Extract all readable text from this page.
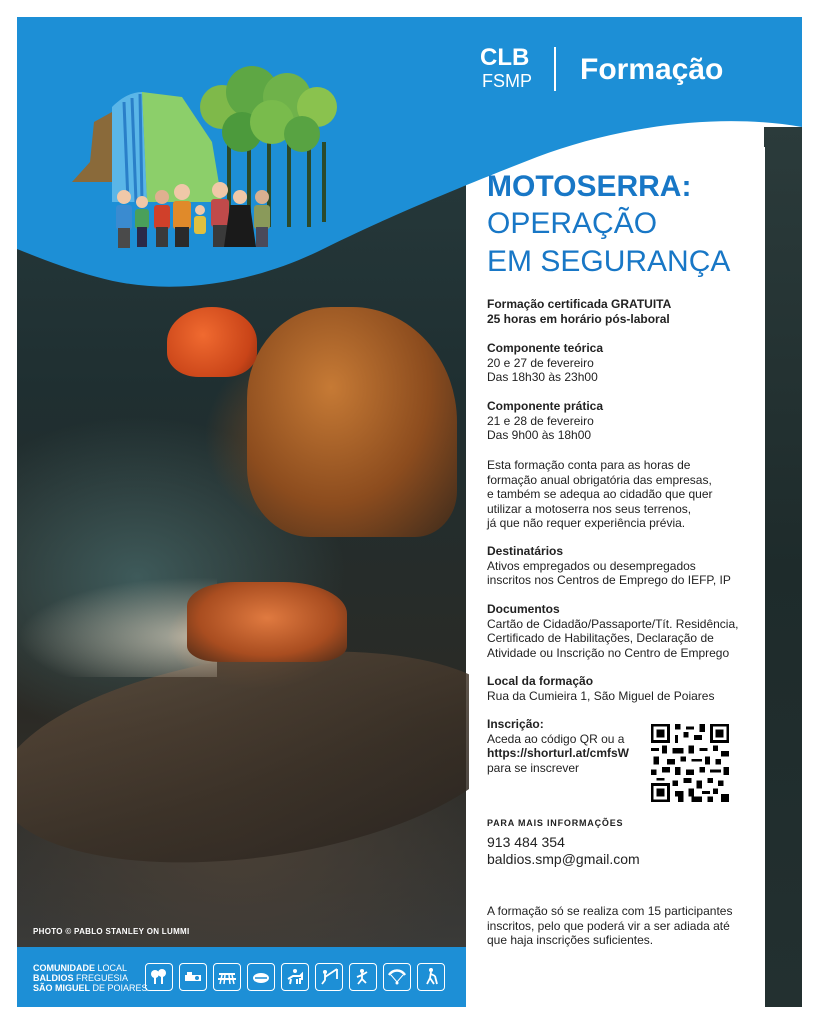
PHOTO © PABLO STANLEY ON LUMMI
CLB
FSMP Formação
MOTOSERRA:
OPERAÇÃO
EM SEGURANÇA
Formação certificada GRATUITA
25 horas em horário pós-laboral
Componente teórica
20 e 27 de fevereiro
Das 18h30 às 23h00
Componente prática
21 e 28 de fevereiro
Das 9h00 às 18h00
Esta formação conta para as horas de
formação anual obrigatória das empresas,
e também se adequa ao cidadão que quer
utilizar a motoserra nos seus terrenos,
já que não requer experiência prévia.
Destinatários
Ativos empregados ou desempregados
inscritos nos Centros de Emprego do IEFP, IP
Documentos
Cartão de Cidadão/Passaporte/Tít. Residência,
Certificado de Habilitações, Declaração de
Atividade ou Inscrição no Centro de Emprego
Local da formação
Rua da Cumieira 1, São Miguel de Poiares
Inscrição:
Aceda ao código QR ou a
https://shorturl.at/cmfsW
para se inscrever
PARA MAIS INFORMAÇÕES
913 484 354
baldios.smp@gmail.com
A formação só se realiza com 15 participantes
inscritos, pelo que poderá vir a ser adiada até
que haja inscrições suficientes.
COMUNIDADE LOCAL
BALDIOS FREGUESIA
SÃO MIGUEL DE POIARES
